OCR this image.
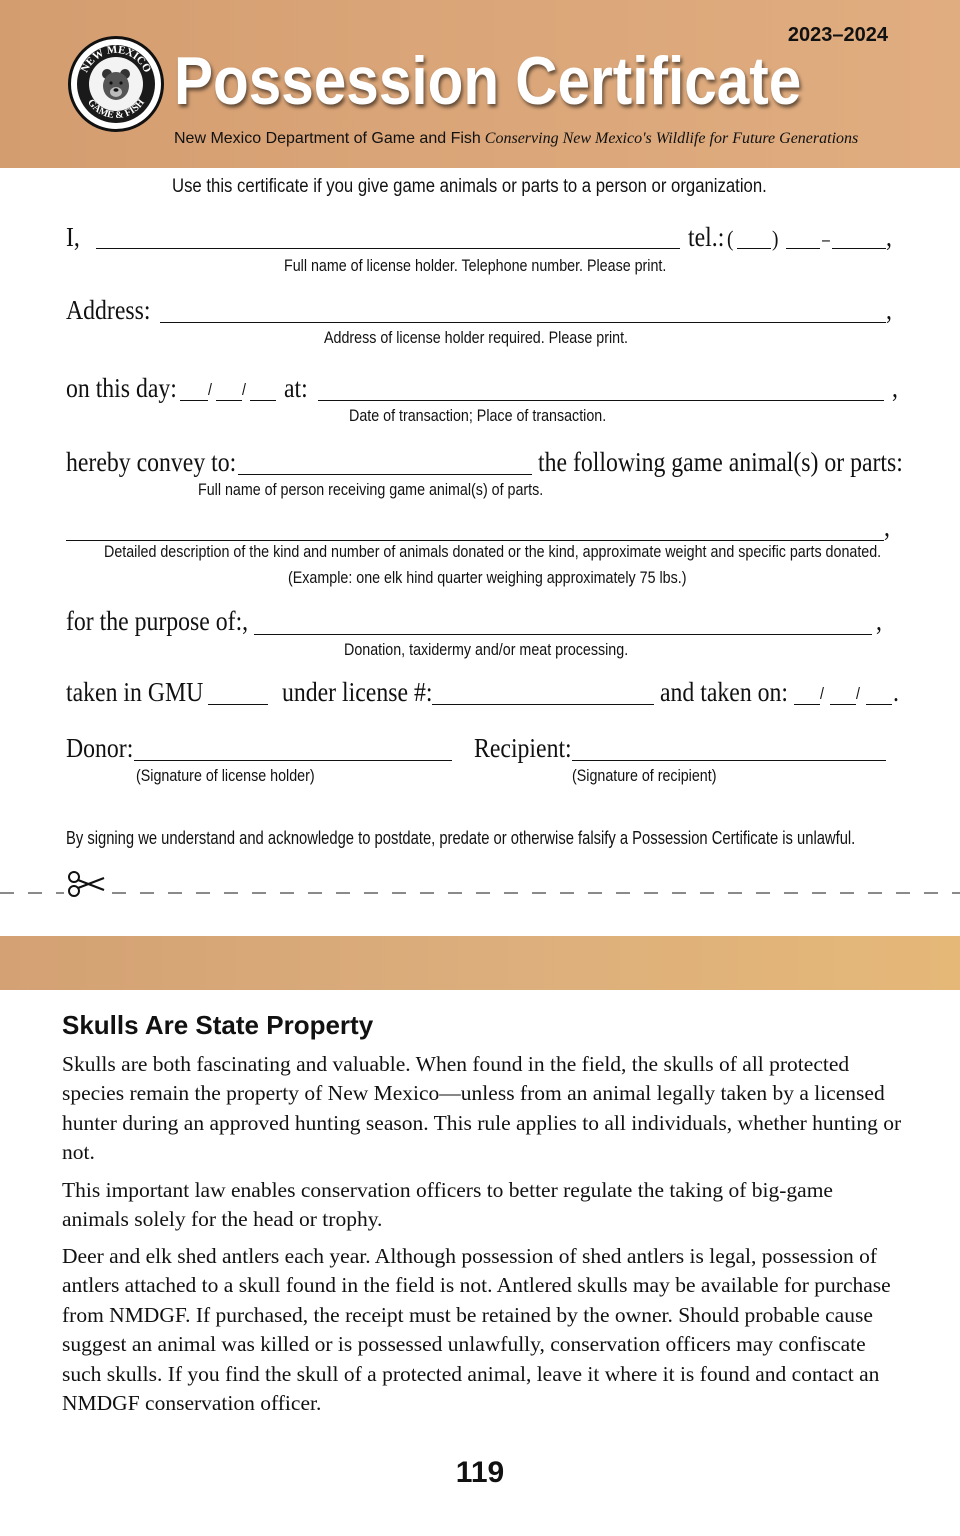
2023–2024
NEW MEXICO
GAME & FISH Possession Certificate
New Mexico Department of Game and Fish Conserving New Mexico's Wildlife for Future Generations
Use this certificate if you give game animals or parts to a person or organization.
I,	tel.: ( )	– ,
Full name of license holder. Telephone number. Please print.
Address:	,
Address of license holder required. Please print.
on this day: / / at:	,
Date of transaction; Place of transaction.
hereby convey to:	the following game animal(s) or parts:
Full name of person receiving game animal(s) of parts.
,
Detailed description of the kind and number of animals donated or the kind, approximate weight and specific parts donated.
(Example: one elk hind quarter weighing approximately 75 lbs.)
for the purpose of:,	,
Donation, taxidermy and/or meat processing.
taken in GMU	under license #:	and taken on: / / .
Donor:
(Signature of license holder)
Recipient:
(Signature of recipient)
By signing we understand and acknowledge to postdate, predate or otherwise falsify a Possession Certificate is unlawful.
Skulls Are State Property

Skulls are both fascinating and valuable. When found in the field, the skulls of all protected species remain the property of New Mexico—unless from an animal legally taken by a licensed hunter during an approved hunting season. This rule applies to all individuals, whether hunting or not.

This important law enables conservation officers to better regulate the taking of big-game animals solely for the head or trophy.

Deer and elk shed antlers each year. Although possession of shed antlers is legal, possession of antlers attached to a skull found in the field is not. Antlered skulls may be available for purchase from NMDGF. If purchased, the receipt must be retained by the owner. Should probable cause suggest an animal was killed or is possessed unlawfully, conservation officers may confiscate such skulls. If you find the skull of a protected animal, leave it where it is found and contact an NMDGF conservation officer.

119
